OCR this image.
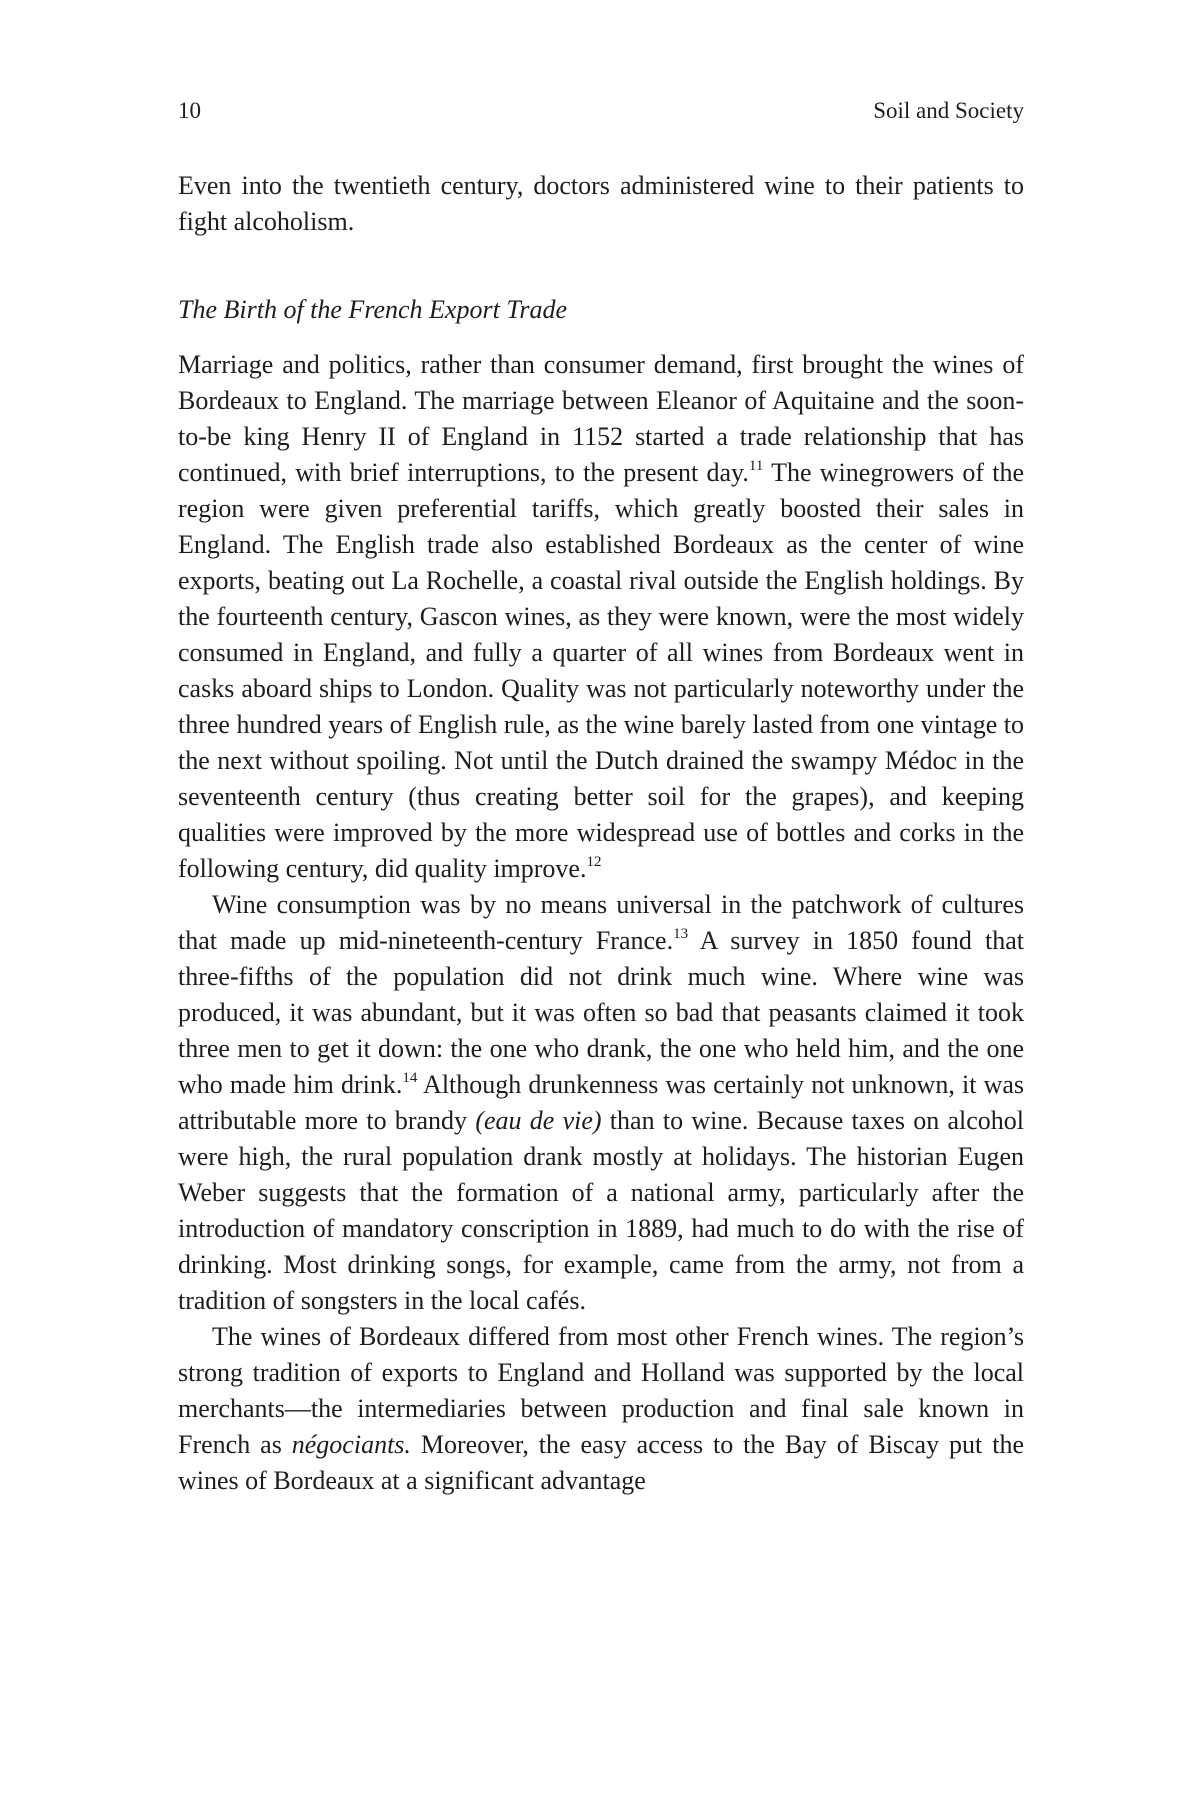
10	Soil and Society

Even into the twentieth century, doctors administered wine to their patients to fight alcoholism.

The Birth of the French Export Trade

Marriage and politics, rather than consumer demand, first brought the wines of Bordeaux to England. The marriage between Eleanor of Aquitaine and the soon-to-be king Henry II of England in 1152 started a trade relationship that has continued, with brief interruptions, to the present day.$^{11}$ The winegrowers of the region were given preferential tariffs, which greatly boosted their sales in England. The English trade also established Bordeaux as the center of wine exports, beating out La Rochelle, a coastal rival outside the English holdings. By the fourteenth century, Gascon wines, as they were known, were the most widely consumed in England, and fully a quarter of all wines from Bordeaux went in casks aboard ships to London. Quality was not particularly noteworthy under the three hundred years of English rule, as the wine barely lasted from one vintage to the next without spoiling. Not until the Dutch drained the swampy Médoc in the seventeenth century (thus creating better soil for the grapes), and keeping qualities were improved by the more widespread use of bottles and corks in the following century, did quality improve.$^{12}$

Wine consumption was by no means universal in the patchwork of cultures that made up mid-nineteenth-century France.$^{13}$ A survey in 1850 found that three-fifths of the population did not drink much wine. Where wine was produced, it was abundant, but it was often so bad that peasants claimed it took three men to get it down: the one who drank, the one who held him, and the one who made him drink.$^{14}$ Although drunkenness was certainly not unknown, it was attributable more to brandy (eau de vie) than to wine. Because taxes on alcohol were high, the rural population drank mostly at holidays. The historian Eugen Weber suggests that the formation of a national army, particularly after the introduction of mandatory conscription in 1889, had much to do with the rise of drinking. Most drinking songs, for example, came from the army, not from a tradition of songsters in the local cafés.

The wines of Bordeaux differed from most other French wines. The region’s strong tradition of exports to England and Holland was supported by the local merchants—the intermediaries between production and final sale known in French as négociants. Moreover, the easy access to the Bay of Biscay put the wines of Bordeaux at a significant advantage
